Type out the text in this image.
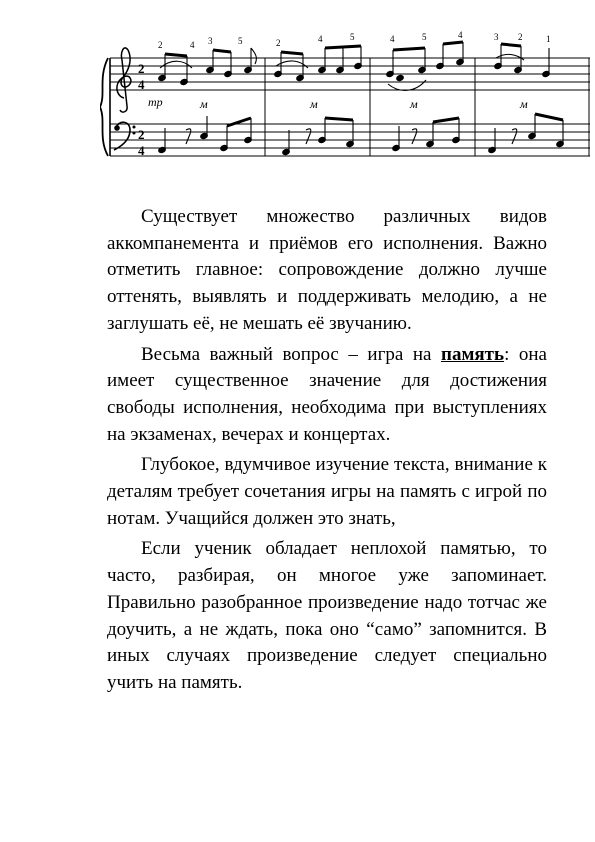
2
4
2
4
2	4 3	5	2	4	5	4	5	4	3 2	1
mp	м	м	м	м

Существует множество различных видов аккомпанемента и приёмов его исполнения. Важно отметить главное: сопровождение должно лучше оттенять, выявлять и поддерживать мелодию, а не заглушать её, не мешать её звучанию.

Весьма важный вопрос – игра на память: она имеет существенное значение для достижения свободы исполнения, необходима при выступлениях на экзаменах, вечерах и концертах.

Глубокое, вдумчивое изучение текста, внимание к деталям требует сочетания игры на память с игрой по нотам. Учащийся должен это знать,

Если ученик обладает неплохой памятью, то часто, разбирая, он многое уже запоминает. Правильно разобранное произведение надо тотчас же доучить, а не ждать, пока оно “само” запомнится. В иных случаях произведение следует специально учить на память.
